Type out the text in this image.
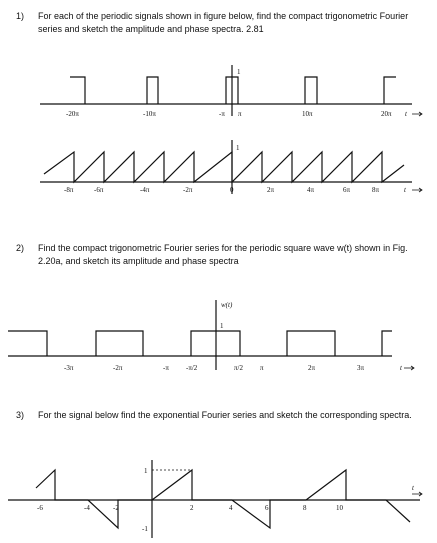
1) For each of the periodic signals shown in figure below, find the compact trigonometric Fourier
series and sketch the amplitude and phase spectra. 2.81
1
-20π	-10π	-π π	10π	20π t
1
-8π	-6π	-4π	-2π	0	2π	4π	6π	8π	t
2) Find the compact trigonometric Fourier series for the periodic square wave w(t) shown in Fig.
2.20a, and sketch its amplitude and phase spectra
w(t)
1
-3π	-2π	-π -π/2	π/2 π	2π	3π	t
3) For the signal below find the exponential Fourier series and sketch the corresponding spectra.
1
-1
-6	-4	-2	2	4	6	8	10
t
